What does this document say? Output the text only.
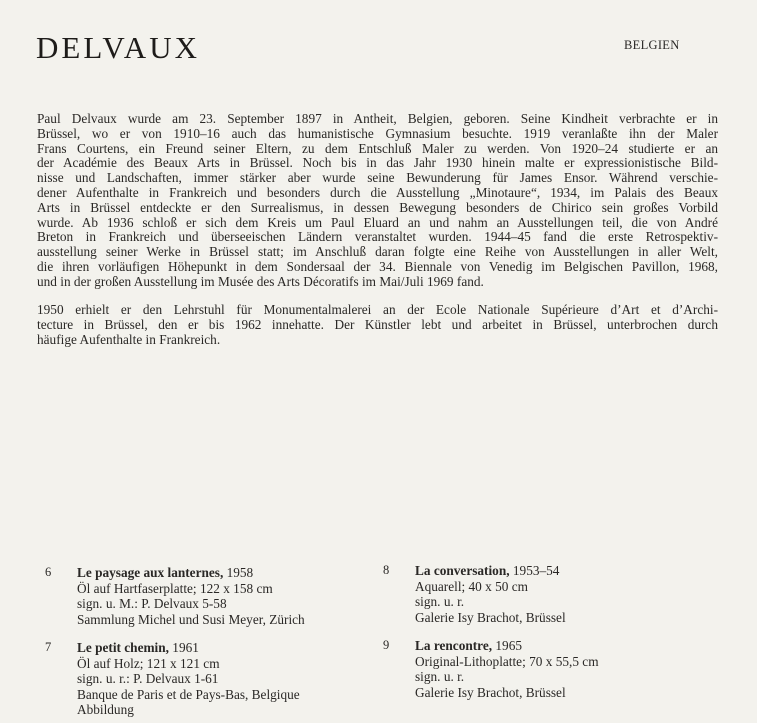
DELVAUX	BELGIEN
Paul Delvaux wurde am 23. September 1897 in Antheit, Belgien, geboren. Seine Kindheit verbrachte er in
Brüssel, wo er von 1910–16 auch das humanistische Gymnasium besuchte. 1919 veranlaßte ihn der Maler
Frans Courtens, ein Freund seiner Eltern, zu dem Entschluß Maler zu werden. Von 1920–24 studierte er an
der Académie des Beaux Arts in Brüssel. Noch bis in das Jahr 1930 hinein malte er expressionistische Bild-
nisse und Landschaften, immer stärker aber wurde seine Bewunderung für James Ensor. Während verschie-
dener Aufenthalte in Frankreich und besonders durch die Ausstellung „Minotaure“, 1934, im Palais des Beaux
Arts in Brüssel entdeckte er den Surrealismus, in dessen Bewegung besonders de Chirico sein großes Vorbild
wurde. Ab 1936 schloß er sich dem Kreis um Paul Eluard an und nahm an Ausstellungen teil, die von André
Breton in Frankreich und überseeischen Ländern veranstaltet wurden. 1944–45 fand die erste Retrospektiv-
ausstellung seiner Werke in Brüssel statt; im Anschluß daran folgte eine Reihe von Ausstellungen in aller Welt,
die ihren vorläufigen Höhepunkt in dem Sondersaal der 34. Biennale von Venedig im Belgischen Pavillon, 1968,
und in der großen Ausstellung im Musée des Arts Décoratifs im Mai/Juli 1969 fand.
1950 erhielt er den Lehrstuhl für Monumentalmalerei an der Ecole Nationale Supérieure d’Art et d’Archi-
tecture in Brüssel, den er bis 1962 innehatte. Der Künstler lebt und arbeitet in Brüssel, unterbrochen durch
häufige Aufenthalte in Frankreich.
6 Le paysage aux lanternes, 1958
Öl auf Hartfaserplatte; 122 x 158 cm
sign. u. M.: P. Delvaux 5-58
Sammlung Michel und Susi Meyer, Zürich
7 Le petit chemin, 1961
Öl auf Holz; 121 x 121 cm
sign. u. r.: P. Delvaux 1-61
Banque de Paris et de Pays-Bas, Belgique
Abbildung
8 La conversation, 1953–54
Aquarell; 40 x 50 cm
sign. u. r.
Galerie Isy Brachot, Brüssel
9 La rencontre, 1965
Original-Lithoplatte; 70 x 55,5 cm
sign. u. r.
Galerie Isy Brachot, Brüssel
